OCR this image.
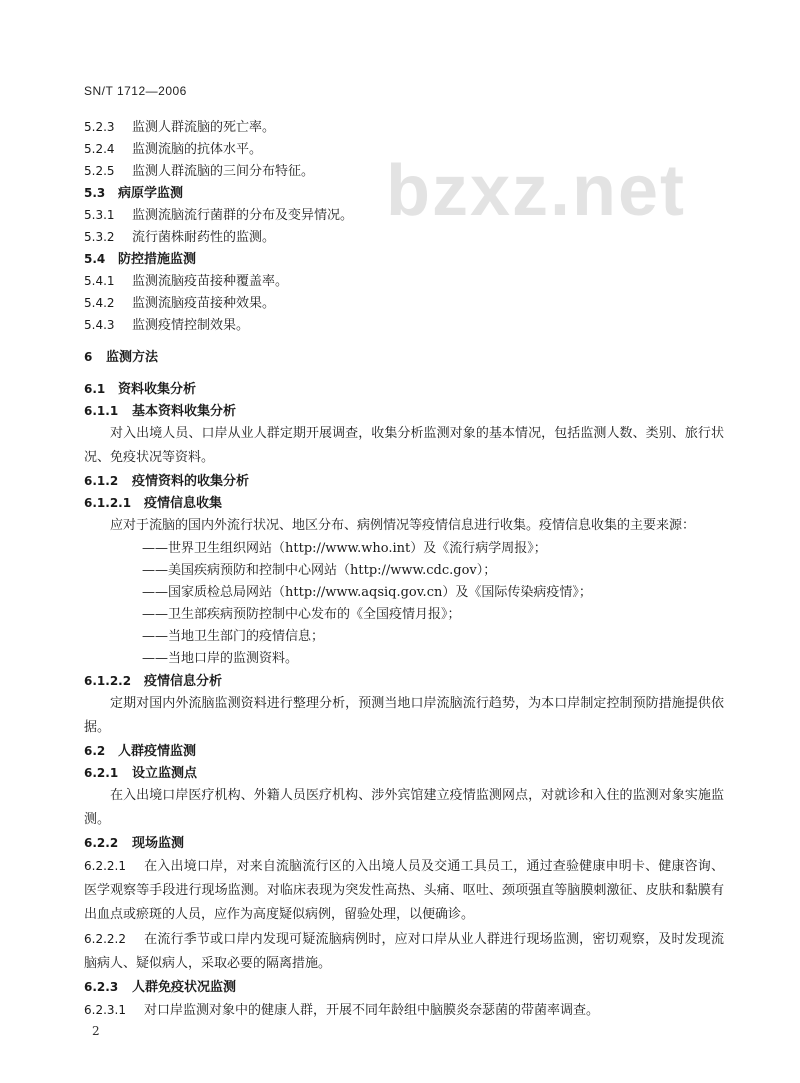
SN/T 1712—2006
bzxz.net
5.2.3 监测人群流脑的死亡率。
5.2.4 监测流脑的抗体水平。
5.2.5 监测人群流脑的三间分布特征。
5.3 病原学监测
5.3.1 监测流脑流行菌群的分布及变异情况。
5.3.2 流行菌株耐药性的监测。
5.4 防控措施监测
5.4.1 监测流脑疫苗接种覆盖率。
5.4.2 监测流脑疫苗接种效果。
5.4.3 监测疫情控制效果。
6 监测方法
6.1 资料收集分析
6.1.1 基本资料收集分析
对入出境人员、口岸从业人群定期开展调查，收集分析监测对象的基本情况，包括监测人数、类别、旅行状况、免疫状况等资料。
6.1.2 疫情资料的收集分析
6.1.2.1 疫情信息收集
应对于流脑的国内外流行状况、地区分布、病例情况等疫情信息进行收集。疫情信息收集的主要来源：
——世界卫生组织网站（http://www.who.int）及《流行病学周报》；
——美国疾病预防和控制中心网站（http://www.cdc.gov）；
——国家质检总局网站（http://www.aqsiq.gov.cn）及《国际传染病疫情》；
——卫生部疾病预防控制中心发布的《全国疫情月报》；
——当地卫生部门的疫情信息；
——当地口岸的监测资料。
6.1.2.2 疫情信息分析
定期对国内外流脑监测资料进行整理分析，预测当地口岸流脑流行趋势，为本口岸制定控制预防措施提供依据。
6.2 人群疫情监测
6.2.1 设立监测点
在入出境口岸医疗机构、外籍人员医疗机构、涉外宾馆建立疫情监测网点，对就诊和入住的监测对象实施监测。
6.2.2 现场监测
6.2.2.1 在入出境口岸，对来自流脑流行区的入出境人员及交通工具员工，通过查验健康申明卡、健康咨询、医学观察等手段进行现场监测。对临床表现为突发性高热、头痛、呕吐、颈项强直等脑膜刺激征、皮肤和黏膜有出血点或瘀斑的人员，应作为高度疑似病例，留验处理，以便确诊。
6.2.2.2 在流行季节或口岸内发现可疑流脑病例时，应对口岸从业人群进行现场监测，密切观察，及时发现流脑病人、疑似病人，采取必要的隔离措施。
6.2.3 人群免疫状况监测
6.2.3.1 对口岸监测对象中的健康人群，开展不同年龄组中脑膜炎奈瑟菌的带菌率调查。
2
